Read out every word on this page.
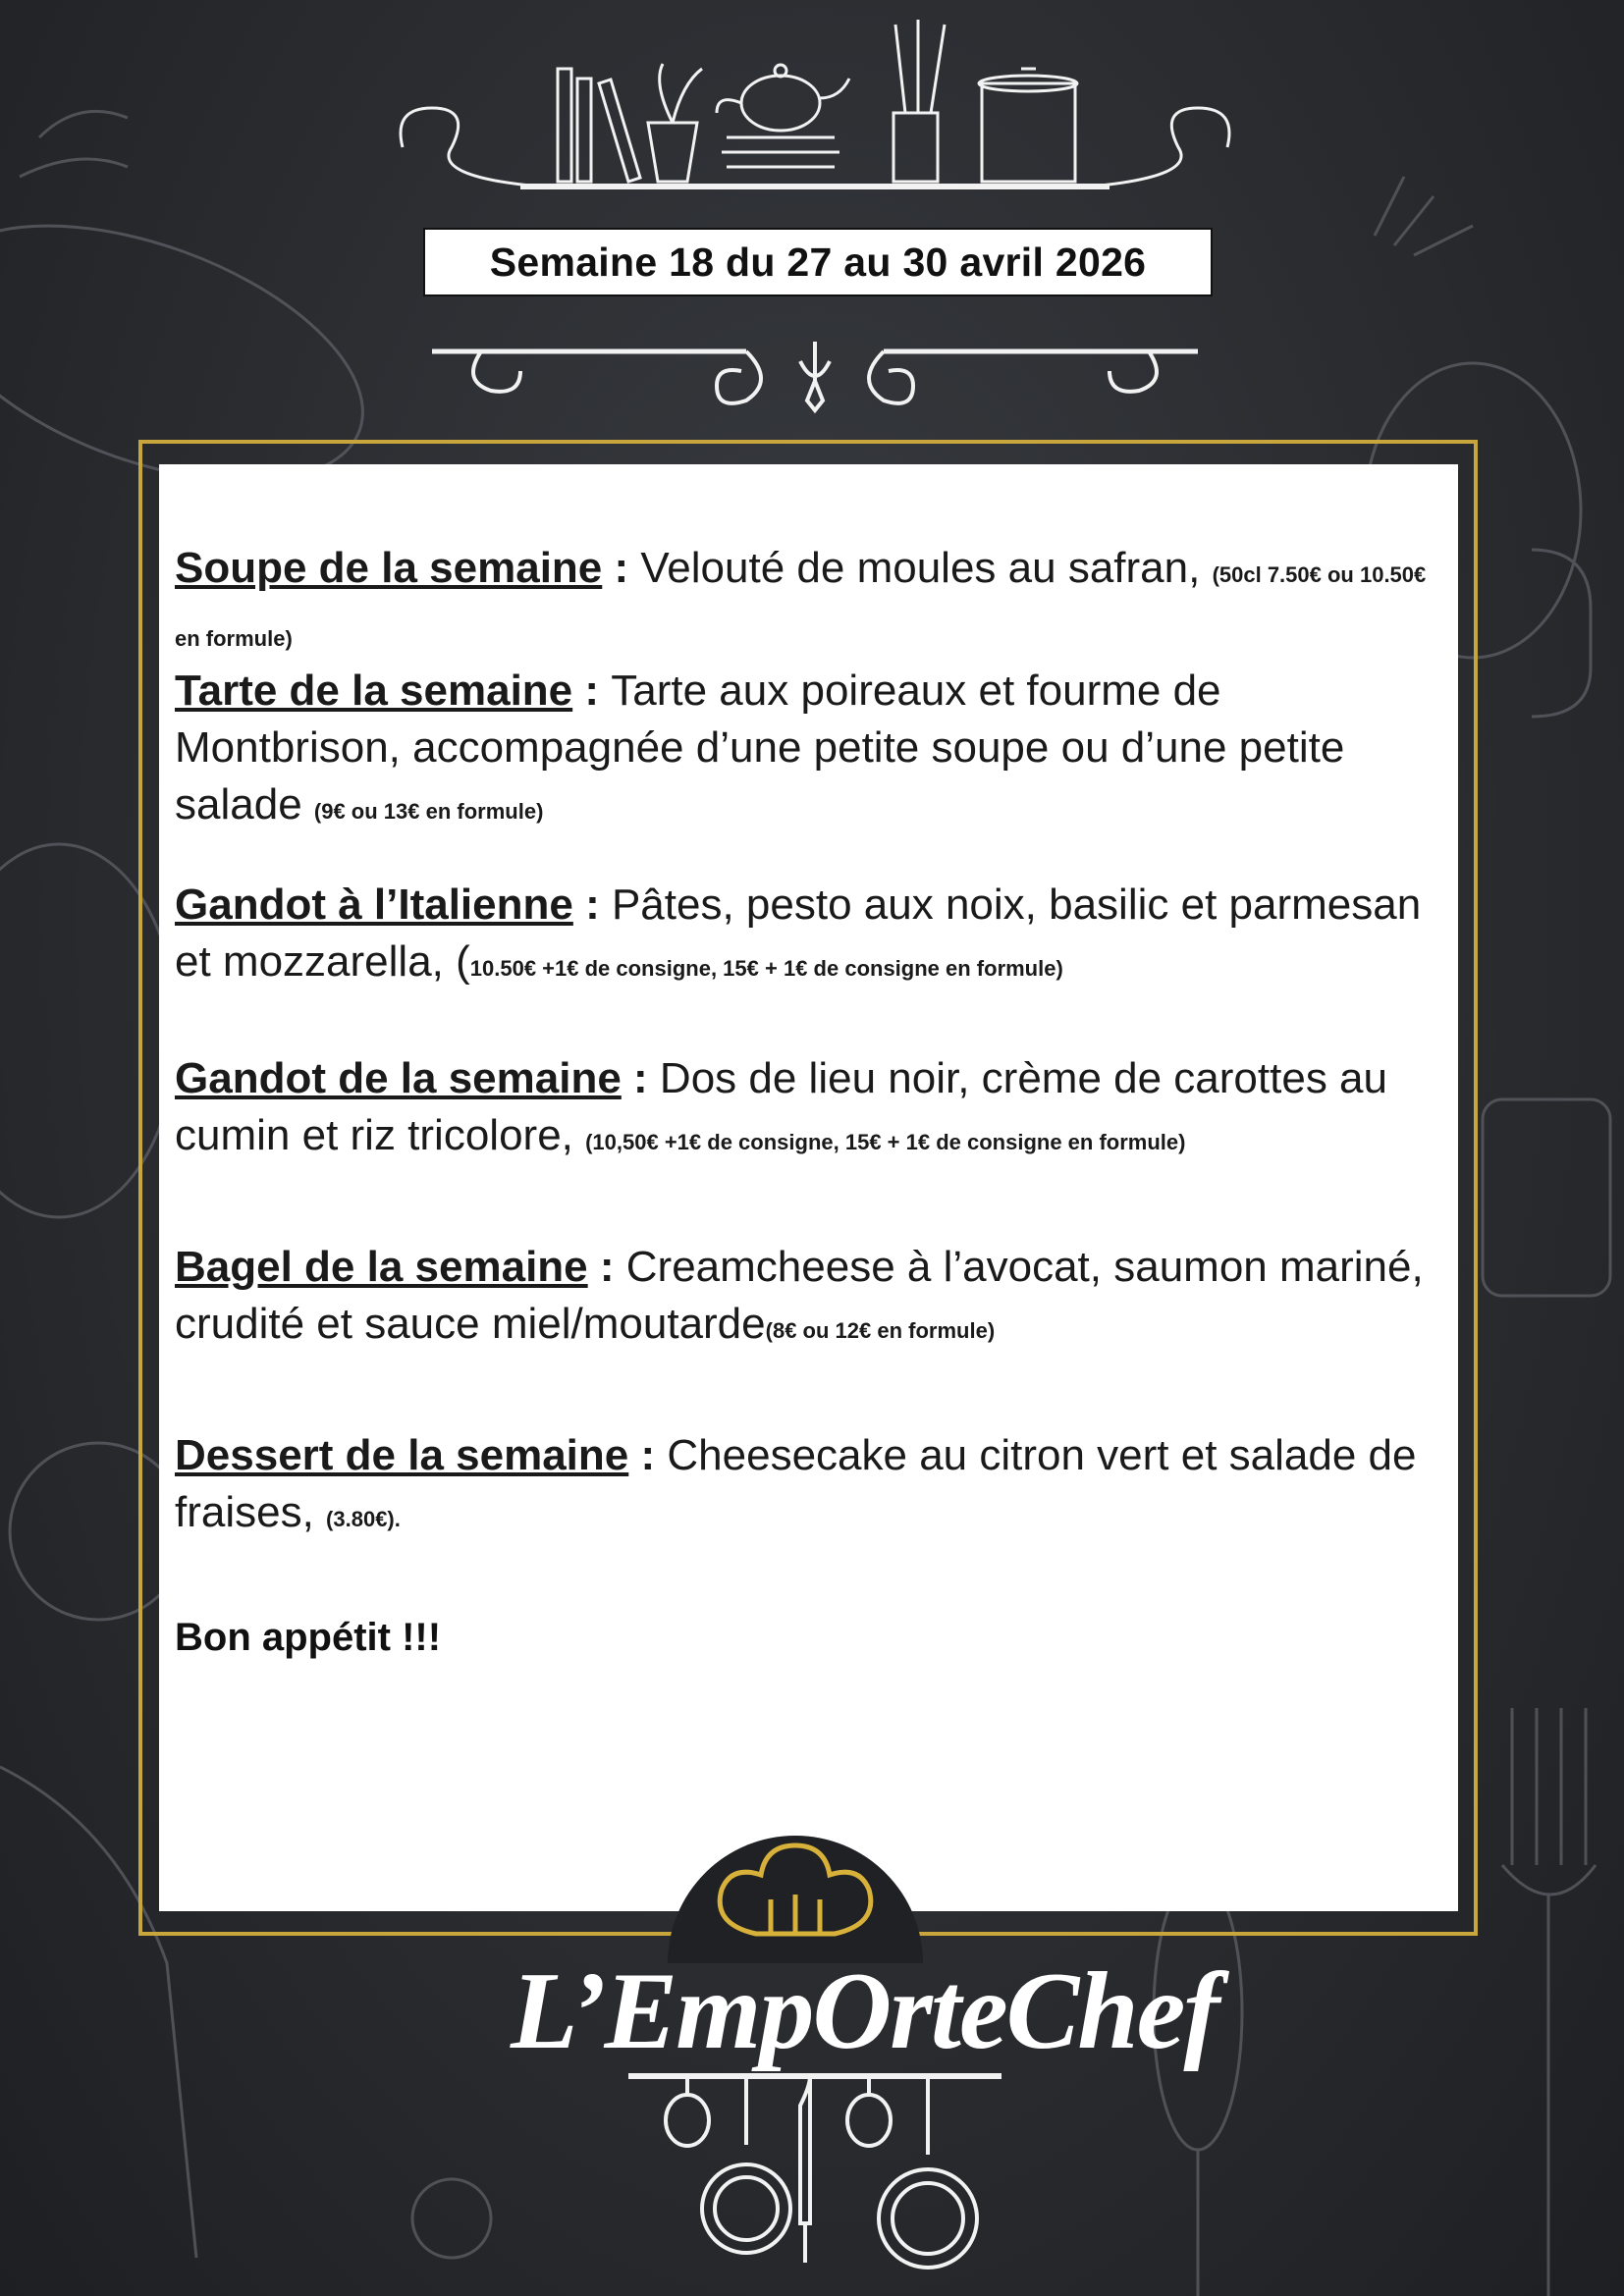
Semaine 18 du 27 au 30 avril 2026
Soupe de la semaine : Velouté de moules au safran, (50cl 7.50€ ou 10.50€ en formule)
Tarte de la semaine : Tarte aux poireaux et fourme de Montbrison, accompagnée d’une petite soupe ou d’une petite salade (9€ ou 13€ en formule)
Gandot à l’Italienne : Pâtes, pesto aux noix, basilic et parmesan et mozzarella, (10.50€ +1€ de consigne, 15€ + 1€ de consigne en formule)
Gandot de la semaine : Dos de lieu noir, crème de carottes au cumin et riz tricolore, (10,50€ +1€ de consigne, 15€ + 1€ de consigne en formule)
Bagel de la semaine : Creamcheese à l’avocat, saumon mariné, crudité et sauce miel/moutarde(8€ ou 12€ en formule)
Dessert de la semaine : Cheesecake au citron vert et salade de fraises, (3.80€).
Bon appétit !!!
L’EmpOrteChef
